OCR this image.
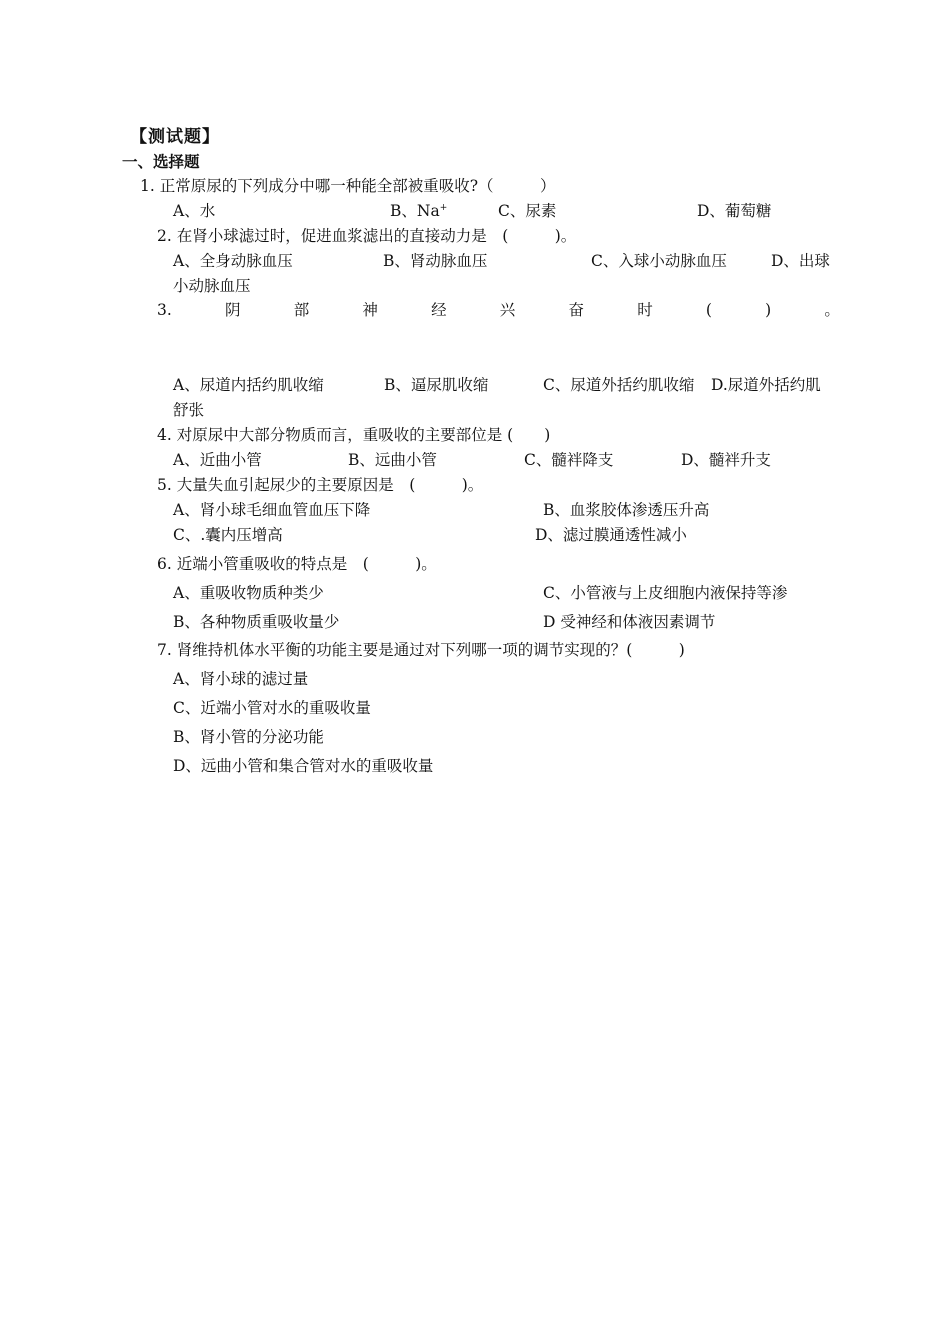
【测试题】
一、选择题
1. 正常原尿的下列成分中哪一种能全部被重吸收?（　　　）
A、水	B、Na+	C、尿素	D、葡萄糖
2. 在肾小球滤过时，促进血浆滤出的直接动力是　(　　　)。
A、全身动脉血压	B、肾动脉血压	C、入球小动脉血压	D、出球
小动脉血压
3.	阴	部	神	经	兴	奋	时	(	)	。
A、尿道内括约肌收缩	B、逼尿肌收缩	C、尿道外括约肌收缩 D.尿道外括约肌
舒张
4. 对原尿中大部分物质而言，重吸收的主要部位是 (　　)
A、近曲小管	B、远曲小管	C、髓袢降支	D、髓袢升支
5. 大量失血引起尿少的主要原因是　(　　　)。
A、肾小球毛细血管血压下降	B、血浆胶体渗透压升高
C、.囊内压增高	D、滤过膜通透性减小
6. 近端小管重吸收的特点是　(　　　)。
A、重吸收物质种类少	C、小管液与上皮细胞内液保持等渗
B、各种物质重吸收量少	D 受神经和体液因素调节
7. 肾维持机体水平衡的功能主要是通过对下列哪一项的调节实现的？(　　　)
A、肾小球的滤过量
C、近端小管对水的重吸收量
B、肾小管的分泌功能
D、远曲小管和集合管对水的重吸收量
